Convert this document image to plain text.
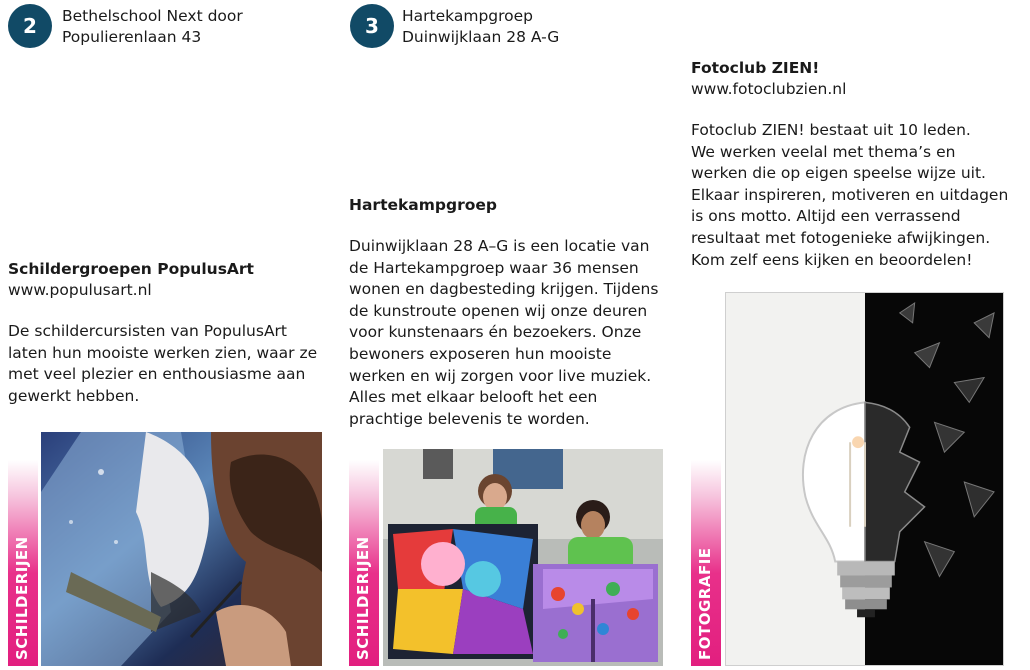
2	Bethelschool Next door
Populierenlaan 43
Schildergroepen PopulusArt
www.populusart.nl
De schildercursisten van PopulusArt
laten hun mooiste werken zien, waar ze
met veel plezier en enthousiasme aan
gewerkt hebben.
SCHILDERIJEN
3	Hartekampgroep
Duinwijklaan 28 A-G
Hartekampgroep
Duinwijklaan 28 A–G is een locatie van
de Hartekampgroep waar 36 mensen
wonen en dagbesteding krijgen. Tijdens
de kunstroute openen wij onze deuren
voor kunstenaars én bezoekers. Onze
bewoners exposeren hun mooiste
werken en wij zorgen voor live muziek.
Alles met elkaar belooft het een
prachtige belevenis te worden.
SCHILDERIJEN
Fotoclub ZIEN!
www.fotoclubzien.nl
Fotoclub ZIEN! bestaat uit 10 leden.
We werken veelal met thema’s en
werken die op eigen speelse wijze uit.
Elkaar inspireren, motiveren en uitdagen
is ons motto. Altijd een verrassend
resultaat met fotogenieke afwijkingen.
Kom zelf eens kijken en beoordelen!
FOTOGRAFIE
